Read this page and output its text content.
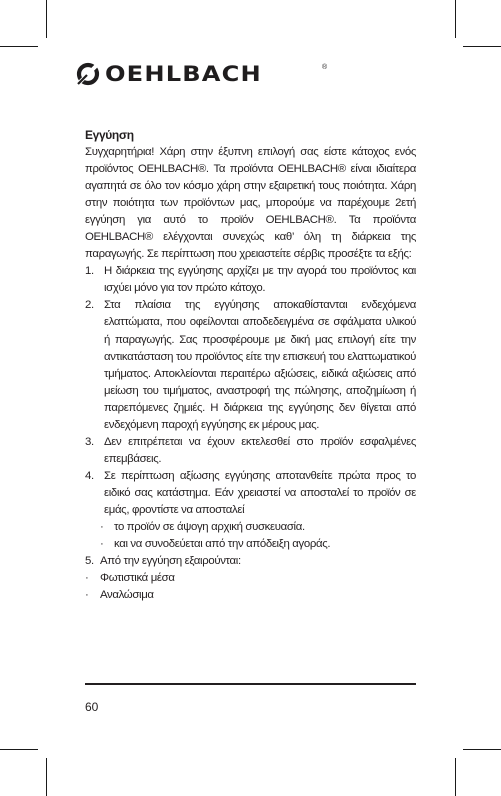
OEHLBACH	®
Εγγύηση

Συγχαρητήρια! Χάρη στην έξυπνη επιλογή σας είστε κάτοχος ενός προϊόντος OEHLBACH®. Τα προϊόντα OEHLBACH® είναι ιδιαίτερα αγαπητά σε όλο τον κόσμο χάρη στην εξαιρετική τους ποιότητα. Χάρη στην ποιότητα των προϊόντων μας, μπορούμε να παρέχουμε 2ετή εγγύηση για αυτό το προϊόν OEHLBACH®. Τα προϊόντα OEHLBACH® ελέγχονται συνεχώς καθ’ όλη τη διάρκεια της παραγωγής. Σε περίπτωση που χρειαστείτε σέρβις προσέξτε τα εξής:

1. Η διάρκεια της εγγύησης αρχίζει με την αγορά του προϊόντος και ισχύει μόνο για τον πρώτο κάτοχο.
2. Στα πλαίσια της εγγύησης αποκαθίστανται ενδεχόμενα ελαττώματα, που οφείλονται αποδεδειγμένα σε σφάλματα υλικού ή παραγωγής. Σας προσφέρουμε με δική μας επιλογή είτε την αντικατάσταση του προϊόντος είτε την επισκευή του ελαττωματικού τμήματος. Αποκλείονται περαιτέρω αξιώσεις, ειδικά αξιώσεις από μείωση του τιμήματος, αναστροφή της πώλησης, αποζημίωση ή παρεπόμενες ζημιές. Η διάρκεια της εγγύησης δεν θίγεται από ενδεχόμενη παροχή εγγύησης εκ μέρους μας.
3. Δεν επιτρέπεται να έχουν εκτελεσθεί στο προϊόν εσφαλμένες επεμβάσεις.
4. Σε περίπτωση αξίωσης εγγύησης αποτανθείτε πρώτα προς το ειδικό σας κατάστημα. Εάν χρειαστεί να αποσταλεί το προϊόν σε εμάς, φροντίστε να αποσταλεί
· το προϊόν σε άψογη αρχική συσκευασία.
· και να συνοδεύεται από την απόδειξη αγοράς.
5. Από την εγγύηση εξαιρούνται:
· Φωτιστικά μέσα
· Αναλώσιμα
60
